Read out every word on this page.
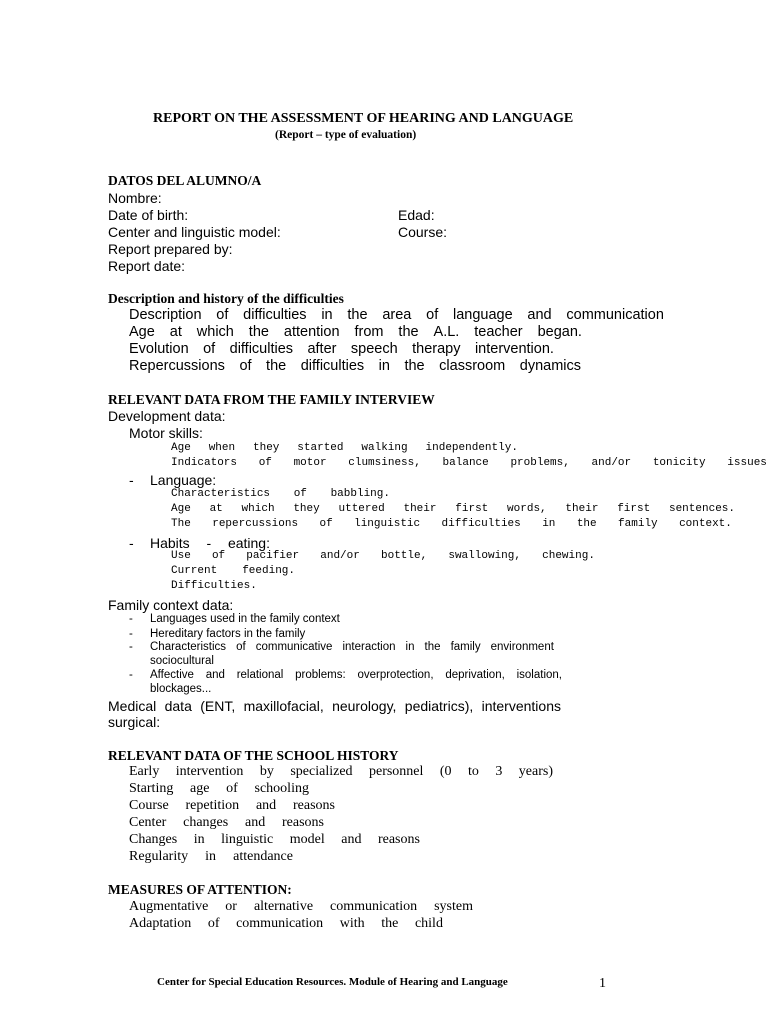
REPORT ON THE ASSESSMENT OF HEARING AND LANGUAGE
(Report – type of evaluation)
DATOS DEL ALUMNO/A
Nombre:
Date of birth:	Edad:
Center and linguistic model:	Course:
Report prepared by:
Report date:
Description and history of the difficulties
Description of difficulties in the area of language and communication
Age at which the attention from the A.L. teacher began.
Evolution of difficulties after speech therapy intervention.
Repercussions of the difficulties in the classroom dynamics
RELEVANT DATA FROM THE FAMILY INTERVIEW
Development data:
Motor skills:
Age when they started walking independently.
Indicators of motor clumsiness, balance problems, and/or tonicity issues
- Language:
Characteristics of babbling.
Age at which they uttered their first words, their first sentences.
The repercussions of linguistic difficulties in the family context.
- Habits - eating:
Use of pacifier and/or bottle, swallowing, chewing.
Current feeding.
Difficulties.
Family context data:
- Languages used in the family context
- Hereditary factors in the family
- Characteristics of communicative interaction in the family environment
sociocultural
- Affective and relational problems: overprotection, deprivation, isolation,
blockages...
Medical data (ENT, maxillofacial, neurology, pediatrics), interventions
surgical:
RELEVANT DATA OF THE SCHOOL HISTORY
Early intervention by specialized personnel (0 to 3 years)
Starting age of schooling
Course repetition and reasons
Center changes and reasons
Changes in linguistic model and reasons
Regularity in attendance
MEASURES OF ATTENTION:
Augmentative or alternative communication system
Adaptation of communication with the child
Center for Special Education Resources. Module of Hearing and Language	1
